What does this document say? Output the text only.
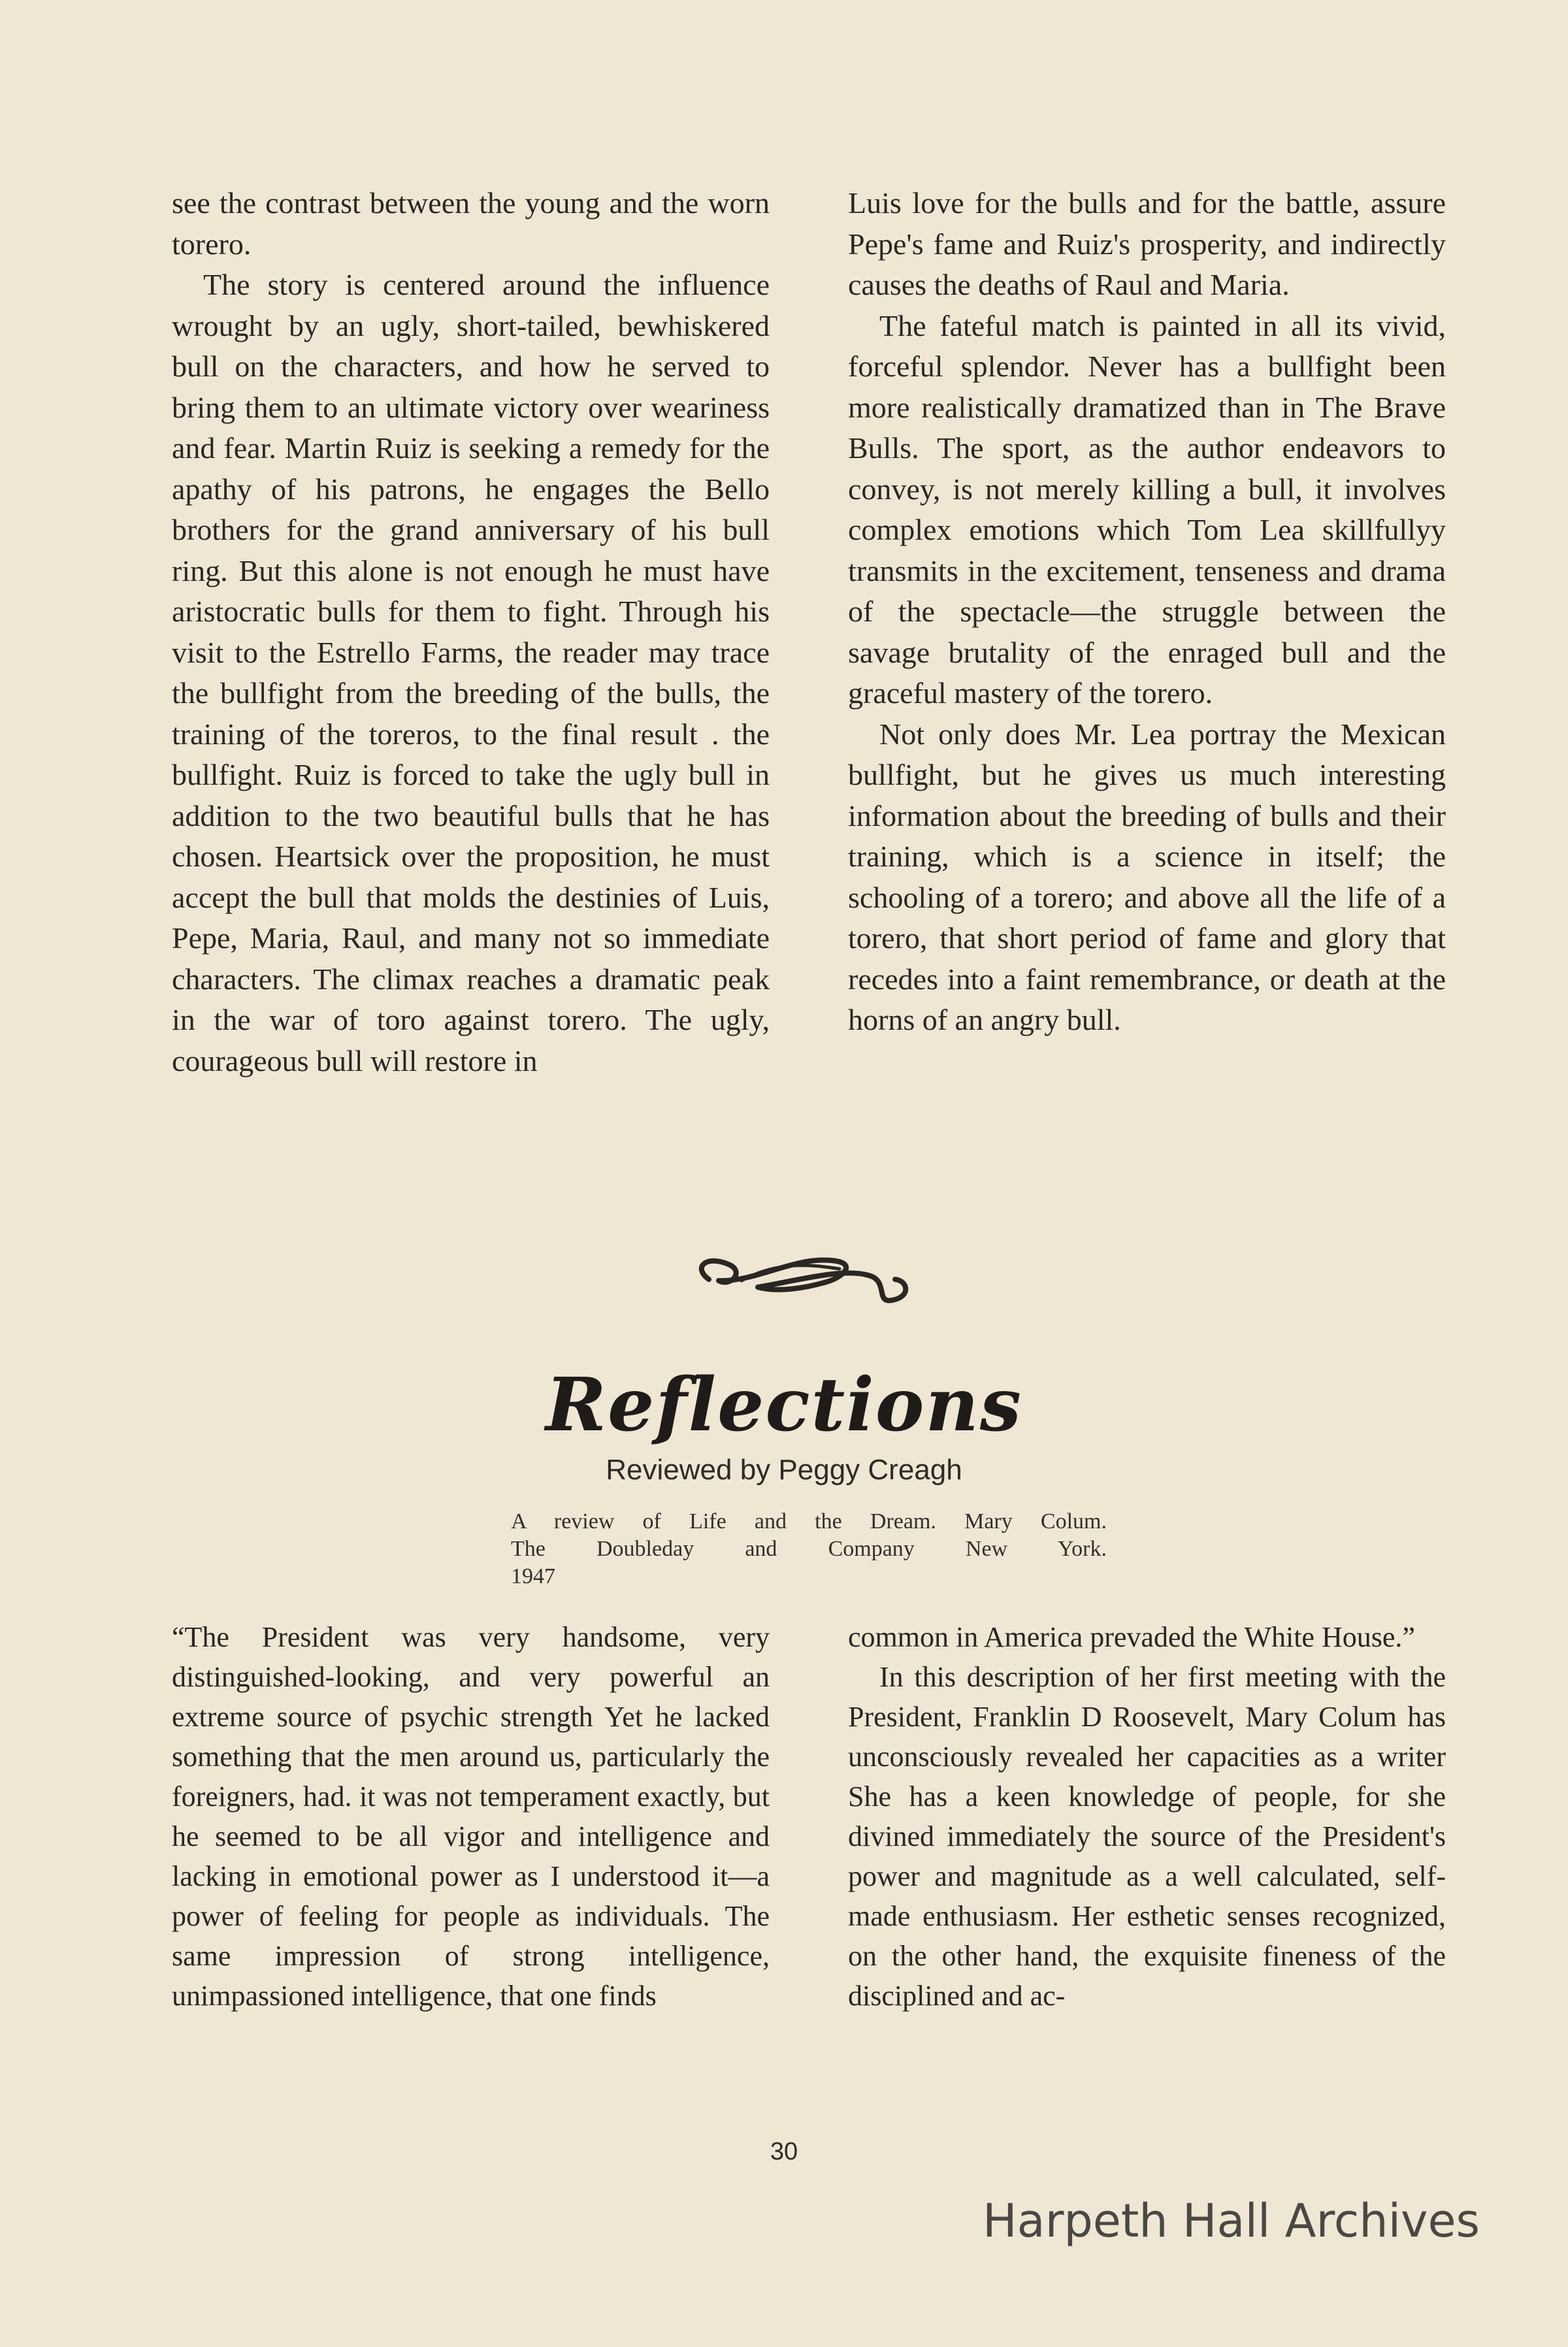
see the contrast between the young and the worn torero.

The story is centered around the influence wrought by an ugly, short-tailed, bewhiskered bull on the characters, and how he served to bring them to an ultimate victory over weariness and fear. Martin Ruiz is seeking a remedy for the apathy of his patrons, he engages the Bello brothers for the grand anniversary of his bull ring. But this alone is not enough he must have aristocratic bulls for them to fight. Through his visit to the Estrello Farms, the reader may trace the bullfight from the breeding of the bulls, the training of the toreros, to the final result . the bullfight. Ruiz is forced to take the ugly bull in addition to the two beautiful bulls that he has chosen. Heartsick over the proposition, he must accept the bull that molds the destinies of Luis, Pepe, Maria, Raul, and many not so immediate characters. The climax reaches a dramatic peak in the war of toro against torero. The ugly, courageous bull will restore in

Luis love for the bulls and for the battle, assure Pepe's fame and Ruiz's prosperity, and indirectly causes the deaths of Raul and Maria.

The fateful match is painted in all its vivid, forceful splendor. Never has a bullfight been more realistically dramatized than in The Brave Bulls. The sport, as the author endeavors to convey, is not merely killing a bull, it involves complex emotions which Tom Lea skillfullyy transmits in the excitement, tenseness and drama of the spectacle—the struggle between the savage brutality of the enraged bull and the graceful mastery of the torero.

Not only does Mr. Lea portray the Mexican bullfight, but he gives us much interesting information about the breeding of bulls and their training, which is a science in itself; the schooling of a torero; and above all the life of a torero, that short period of fame and glory that recedes into a faint remembrance, or death at the horns of an angry bull.

Reflections
Reviewed by Peggy Creagh
A review of Life and the Dream. Mary Colum.
The Doubleday and Company New York.
1947

“The President was very handsome, very distinguished-looking, and very powerful an extreme source of psychic strength Yet he lacked something that the men around us, particularly the foreigners, had. it was not temperament exactly, but he seemed to be all vigor and intelligence and lacking in emotional power as I understood it—a power of feeling for people as individuals. The same impression of strong intelligence, unimpassioned intelligence, that one finds

common in America prevaded the White House.”

In this description of her first meeting with the President, Franklin D Roosevelt, Mary Colum has unconsciously revealed her capacities as a writer She has a keen knowledge of people, for she divined immediately the source of the President's power and magnitude as a well calculated, self-made enthusiasm. Her esthetic senses recognized, on the other hand, the exquisite fineness of the disciplined and ac-

30
Harpeth Hall Archives
